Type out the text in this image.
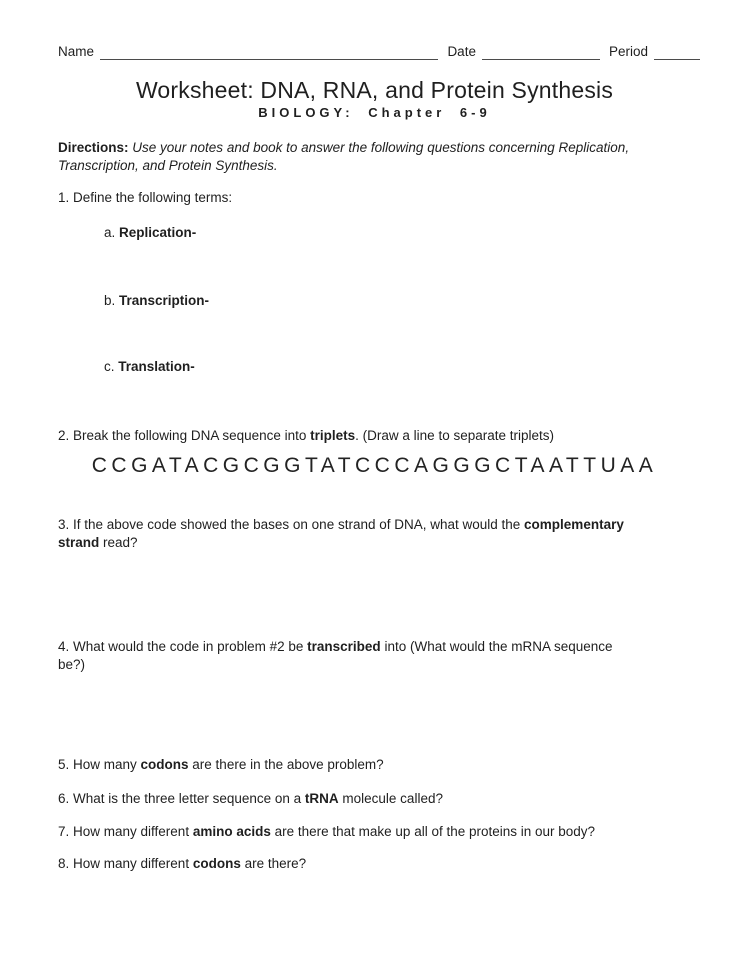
Name	Date	Period
Worksheet: DNA, RNA, and Protein Synthesis
BIOLOGY: Chapter 6-9
Directions: Use your notes and book to answer the following questions concerning Replication,
Transcription, and Protein Synthesis.
1. Define the following terms:
a. Replication-
b. Transcription-
c. Translation-
2. Break the following DNA sequence into triplets. (Draw a line to separate triplets)
CCGATACGCGGTATCCCAGGGCTAATTUAA
3. If the above code showed the bases on one strand of DNA, what would the complementary
strand read?
4. What would the code in problem #2 be transcribed into (What would the mRNA sequence
be?)
5. How many codons are there in the above problem?
6. What is the three letter sequence on a tRNA molecule called?
7. How many different amino acids are there that make up all of the proteins in our body?
8. How many different codons are there?
